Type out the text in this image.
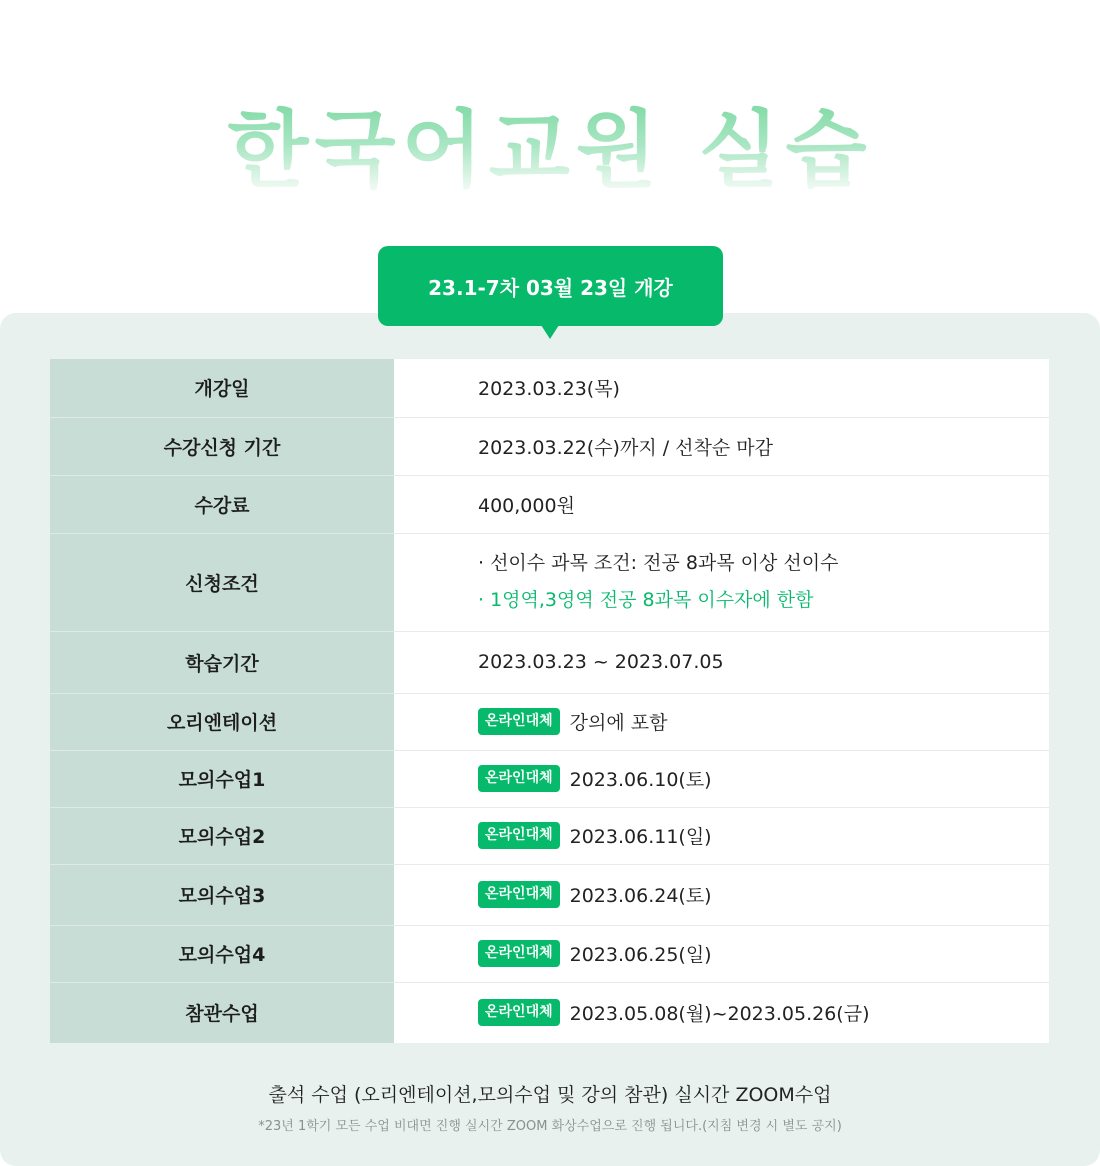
한국어교원 실습
23.1-7차 03월 23일 개강
개강일	2023.03.23(목)
수강신청 기간	2023.03.22(수)까지 / 선착순 마감
수강료	400,000원
신청조건	· 선이수 과목 조건: 전공 8과목 이상 선이수
· 1영역,3영역 전공 8과목 이수자에 한함

학습기간	2023.03.23 ~ 2023.07.05
오리엔테이션	온라인대체 강의에 포함
모의수업1	온라인대체 2023.06.10(토)
모의수업2	온라인대체 2023.06.11(일)
모의수업3	온라인대체 2023.06.24(토)
모의수업4	온라인대체 2023.06.25(일)
참관수업	온라인대체 2023.05.08(월)~2023.05.26(금)
출석 수업 (오리엔테이션,모의수업 및 강의 참관) 실시간 ZOOM수업
*23년 1학기 모든 수업 비대면 진행 실시간 ZOOM 화상수업으로 진행 됩니다.(지침 변경 시 별도 공지)
